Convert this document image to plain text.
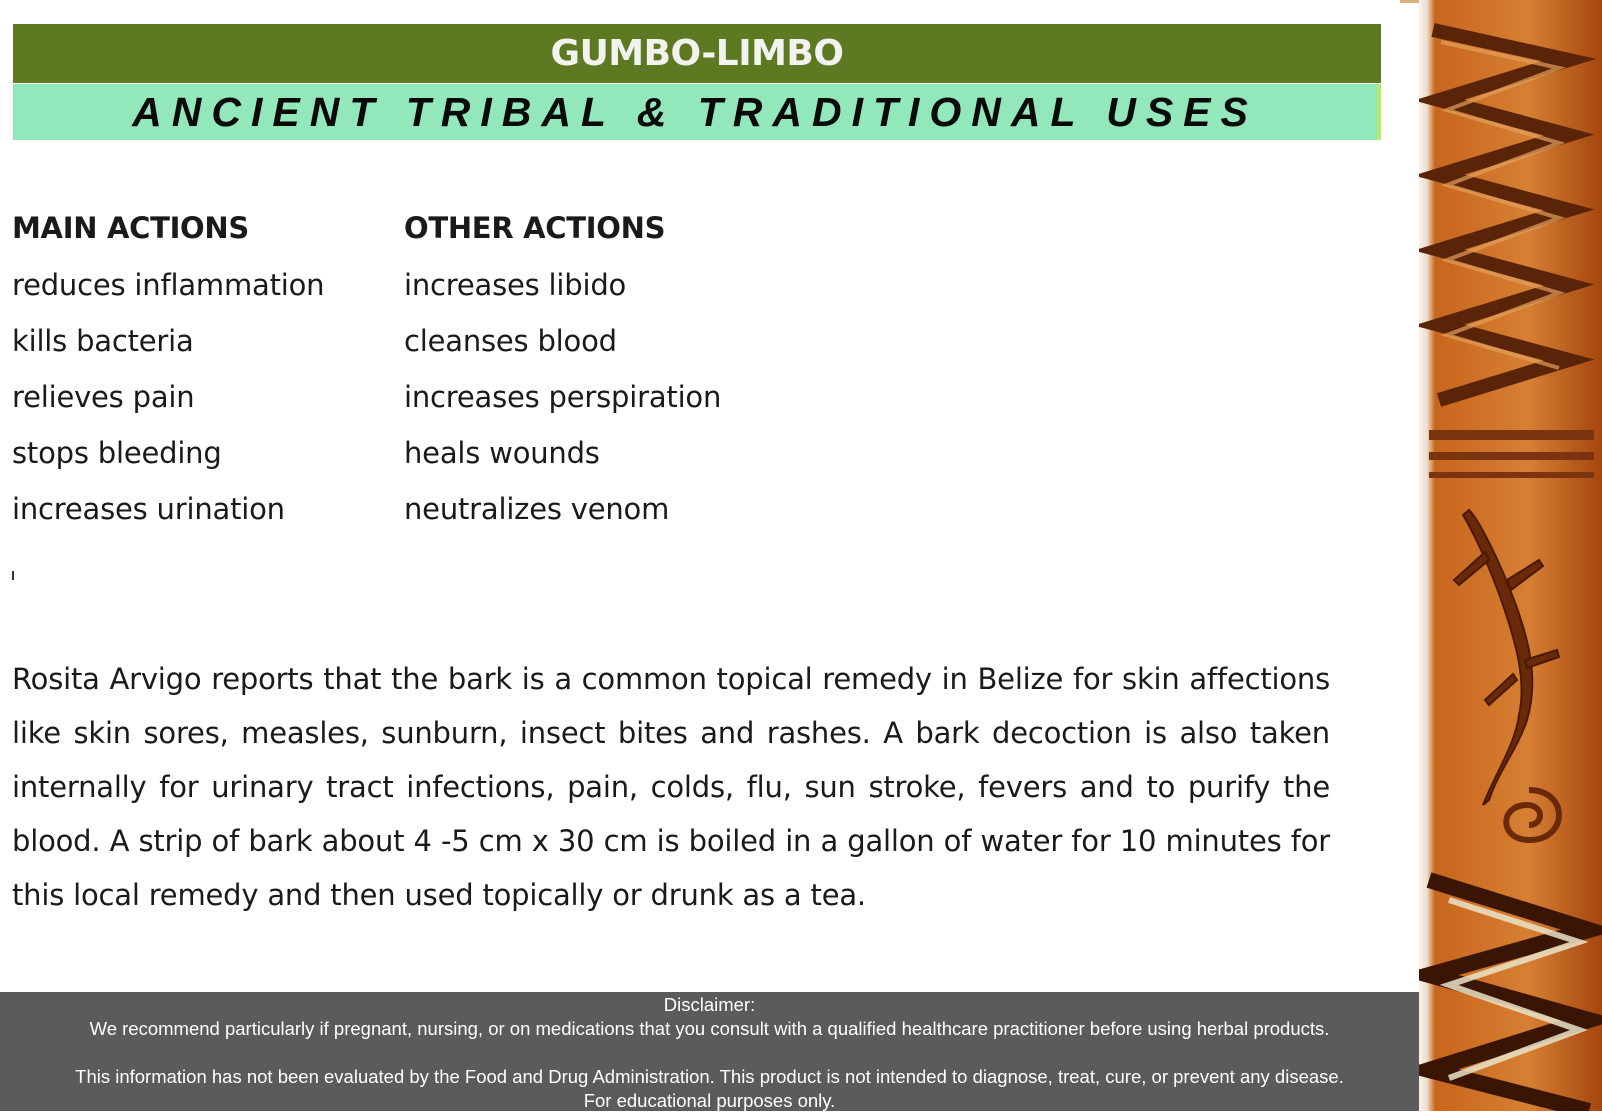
GUMBO-LIMBO
ANCIENT TRIBAL & TRADITIONAL USES
MAIN ACTIONS
reduces inflammation
kills bacteria
relieves pain
stops bleeding
increases urination
OTHER ACTIONS
increases libido
cleanses blood
increases perspiration
heals wounds
neutralizes venom

Rosita Arvigo reports that the bark is a common topical remedy in Belize for skin affections like skin sores, measles, sunburn, insect bites and rashes. A bark decoction is also taken internally for urinary tract infections, pain, colds, flu, sun stroke, fevers and to purify the blood. A strip of bark about 4 -5 cm x 30 cm is boiled in a gallon of water for 10 minutes for this local remedy and then used topically or drunk as a tea.

Disclaimer:
We recommend particularly if pregnant, nursing, or on medications that you consult with a qualified healthcare practitioner before using herbal products.
This information has not been evaluated by the Food and Drug Administration. This product is not intended to diagnose, treat, cure, or prevent any disease.
For educational purposes only.
